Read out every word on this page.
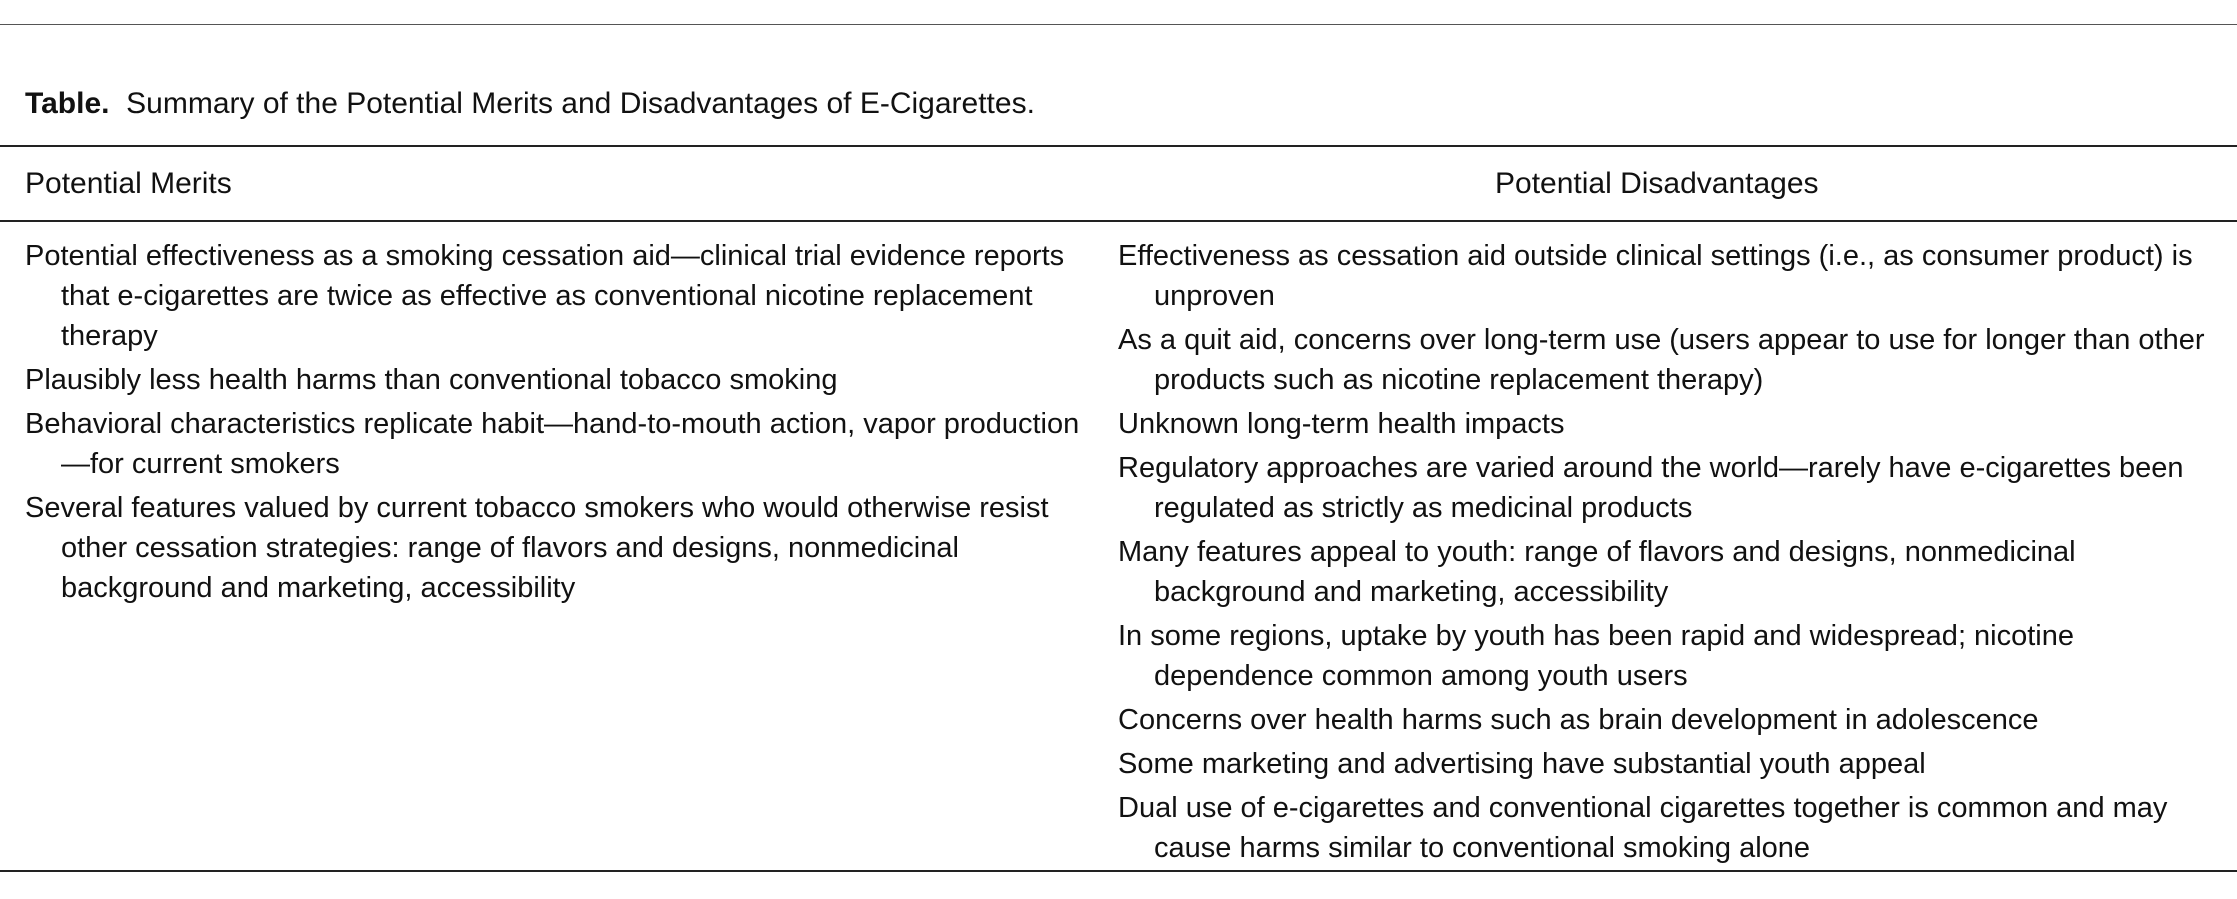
Table. Summary of the Potential Merits and Disadvantages of E-Cigarettes.
Potential Merits	Potential Disadvantages
Potential effectiveness as a smoking cessation aid—clinical trial evidence reports that e-cigarettes are twice as effective as conventional nicotine replacement therapy
Plausibly less health harms than conventional tobacco smoking
Behavioral characteristics replicate habit—hand-to-mouth action, vapor production—for current smokers
Several features valued by current tobacco smokers who would otherwise resist other cessation strategies: range of flavors and designs, nonmedicinal background and marketing, accessibility
Effectiveness as cessation aid outside clinical settings (i.e., as consumer product) is unproven
As a quit aid, concerns over long-term use (users appear to use for longer than other products such as nicotine replacement therapy)
Unknown long-term health impacts
Regulatory approaches are varied around the world—rarely have e-cigarettes been regulated as strictly as medicinal products
Many features appeal to youth: range of flavors and designs, nonmedicinal background and marketing, accessibility
In some regions, uptake by youth has been rapid and widespread; nicotine dependence common among youth users
Concerns over health harms such as brain development in adolescence
Some marketing and advertising have substantial youth appeal
Dual use of e-cigarettes and conventional cigarettes together is common and may cause harms similar to conventional smoking alone
